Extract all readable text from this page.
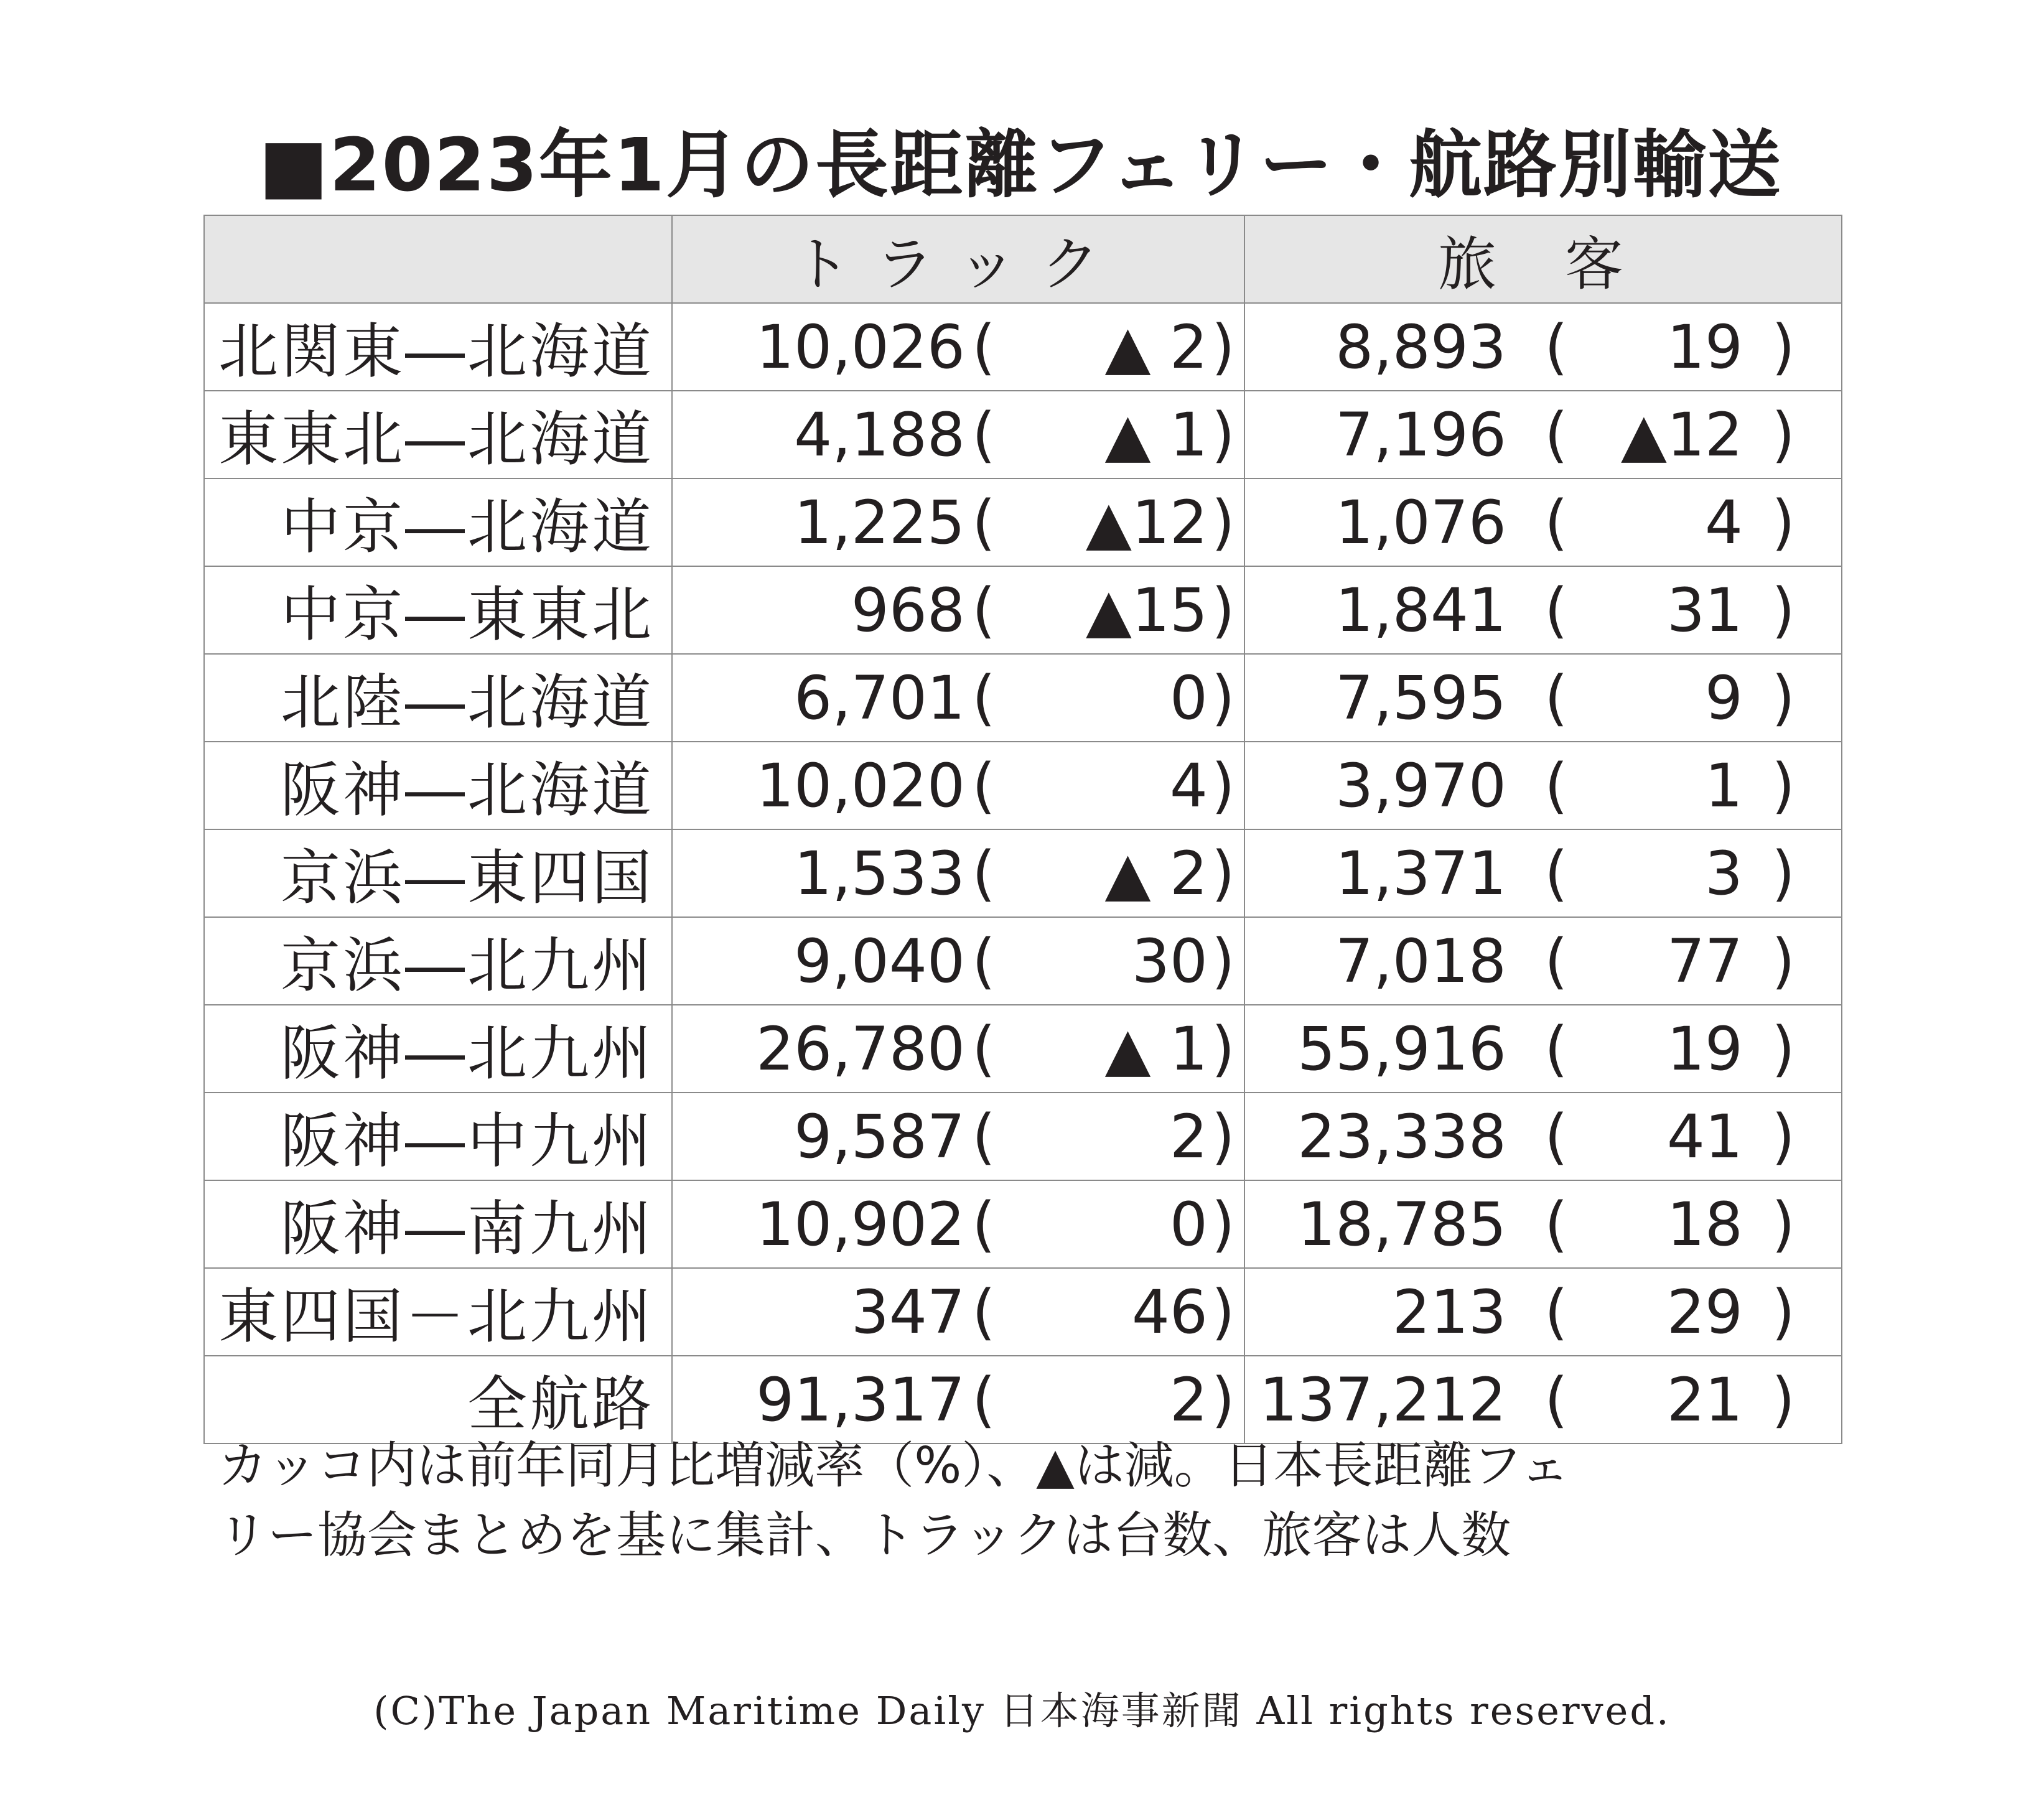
■2023年1月の長距離フェリー・航路別輸送
	トラック	旅 客
北関東―北海道	10,026 ( ▲ 2 )	8,893 ( 19 )

東東北―北海道	4,188 ( ▲ 1 )	7,196 ( ▲12 )

中京―北海道	1,225 ( ▲12 )	1,076 ( 4 )

中京―東東北	968 ( ▲15 )	1,841 ( 31 )

北陸―北海道	6,701 ( 0 )	7,595 ( 9 )

阪神―北海道	10,020 ( 4 )	3,970 ( 1 )

京浜―東四国	1,533 ( ▲ 2 )	1,371 ( 3 )

京浜―北九州	9,040 ( 30 )	7,018 ( 77 )

阪神―北九州	26,780 ( ▲ 1 )	55,916 ( 19 )

阪神―中九州	9,587 ( 2 )	23,338 ( 41 )

阪神―南九州	10,902 ( 0 )	18,785 ( 18 )

東四国－北九州	347 ( 46 )	213 ( 29 )

全航路	91,317 ( 2 )	137,212 ( 21 )
カッコ内は前年同月比増減率（%）、▲は減。日本長距離フェ
リー協会まとめを基に集計、トラックは台数、旅客は人数
(C)The Japan Maritime Daily 日本海事新聞 All rights reserved.
